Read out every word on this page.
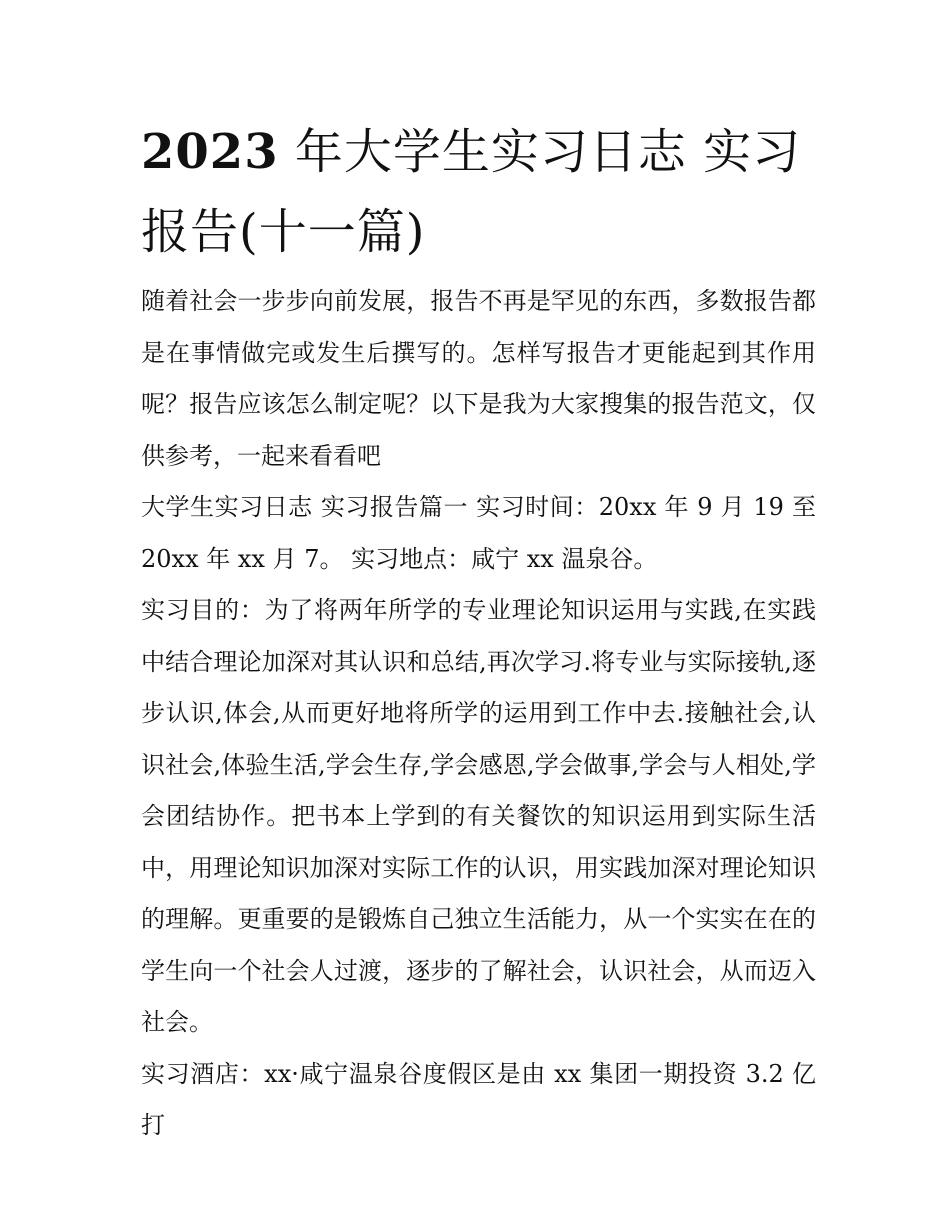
2023 年大学生实习日志 实习报告(十一篇)

随着社会一步步向前发展，报告不再是罕见的东西，多数报告都是在事情做完或发生后撰写的。怎样写报告才更能起到其作用呢？报告应该怎么制定呢？以下是我为大家搜集的报告范文，仅供参考，一起来看看吧

大学生实习日志 实习报告篇一 实习时间：20xx 年 9 月 19 至 20xx 年 xx 月 7。 实习地点：咸宁 xx 温泉谷。

实习目的：为了将两年所学的专业理论知识运用与实践,在实践中结合理论加深对其认识和总结,再次学习.将专业与实际接轨,逐步认识,体会,从而更好地将所学的运用到工作中去.接触社会,认识社会,体验生活,学会生存,学会感恩,学会做事,学会与人相处,学会团结协作。把书本上学到的有关餐饮的知识运用到实际生活中，用理论知识加深对实际工作的认识，用实践加深对理论知识的理解。更重要的是锻炼自己独立生活能力，从一个实实在在的学生向一个社会人过渡，逐步的了解社会，认识社会，从而迈入社会。

实习酒店：xx·咸宁温泉谷度假区是由 xx 集团一期投资 3.2 亿打
